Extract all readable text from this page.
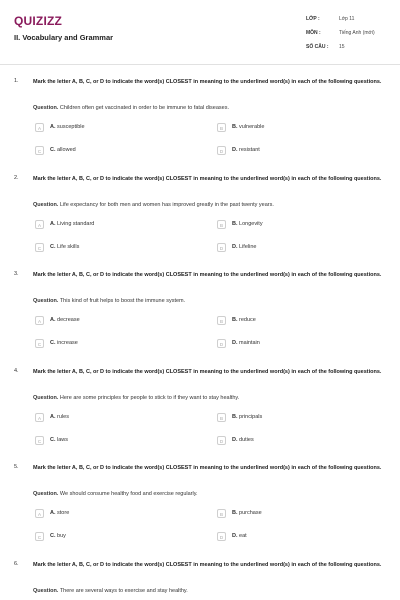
QUIZIZZ
II. Vocabulary and Grammar
LỚP :	Lớp 11
MÔN :	Tiếng Anh (mới)
SỐ CÂU : 15
1.	Mark the letter A, B, C, or D to indicate the word(s) CLOSEST in meaning to the underlined word(s) in each of the following questions.
Question. Children often get vaccinated in order to be immune to fatal diseases.
A	A. susceptible	B	B. vulnerable
C	C. allowed	D	D. resistant
2.	Mark the letter A, B, C, or D to indicate the word(s) CLOSEST in meaning to the underlined word(s) in each of the following questions.
Question. Life expectancy for both men and women has improved greatly in the past twenty years.
A	A. Living standard	B	B. Longevity
C	C. Life skills	D	D. Lifeline
3.	Mark the letter A, B, C, or D to indicate the word(s) CLOSEST in meaning to the underlined word(s) in each of the following questions.
Question. This kind of fruit helps to boost the immune system.
A	A. decrease	B	B. reduce
C	C. increase	D	D. maintain
4.	Mark the letter A, B, C, or D to indicate the word(s) CLOSEST in meaning to the underlined word(s) in each of the following questions.
Question. Here are some principles for people to stick to if they want to stay healthy.
A	A. rules	B	B. principals
C	C. laws	D	D. duties
5.	Mark the letter A, B, C, or D to indicate the word(s) CLOSEST in meaning to the underlined word(s) in each of the following questions.
Question. We should consume healthy food and exercise regularly.
A	A. store	B	B. purchase
C	C. buy	D	D. eat
6.	Mark the letter A, B, C, or D to indicate the word(s) CLOSEST in meaning to the underlined word(s) in each of the following questions.
Question. There are several ways to exercise and stay healthy.
